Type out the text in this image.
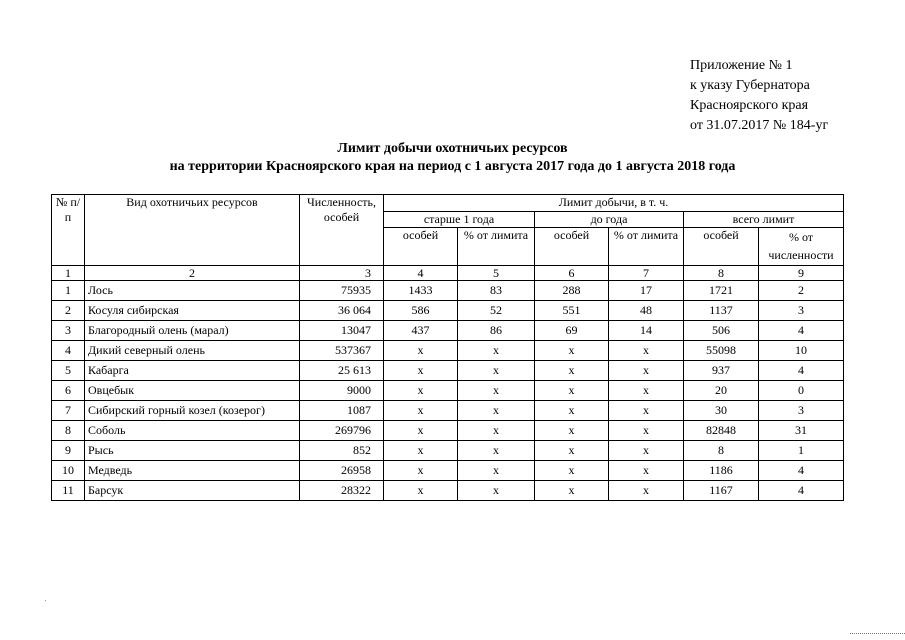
Приложение № 1
к указу Губернатора
Красноярского края
от 31.07.2017 № 184-уг
Лимит добычи охотничьих ресурсов
на территории Красноярского края на период с 1 августа 2017 года до 1 августа 2018 года
№ п/п	Вид охотничьих ресурсов	Численность, особей	Лимит добычи, в т. ч.					
			старше 1 года		до года		всего лимит	
			особей	% от лимита	особей	% от лимита	особей	% от численности
1	2	3	4	5	6	7	8	9
1	Лось	75935	1433	83	288	17	1721	2
2	Косуля сибирская	36 064	586	52	551	48	1137	3
3	Благородный олень (марал)	13047	437	86	69	14	506	4
4	Дикий северный олень	537367	х	х	х	х	55098	10
5	Кабарга	25 613	х	х	х	х	937	4
6	Овцебык	9000	х	х	х	х	20	0
7	Сибирский горный козел (козерог)	1087	х	х	х	х	30	3
8	Соболь	269796	х	х	х	х	82848	31
9	Рысь	852	х	х	х	х	8	1
10	Медведь	26958	х	х	х	х	1186	4
11	Барсук	28322	х	х	х	х	1167	4
